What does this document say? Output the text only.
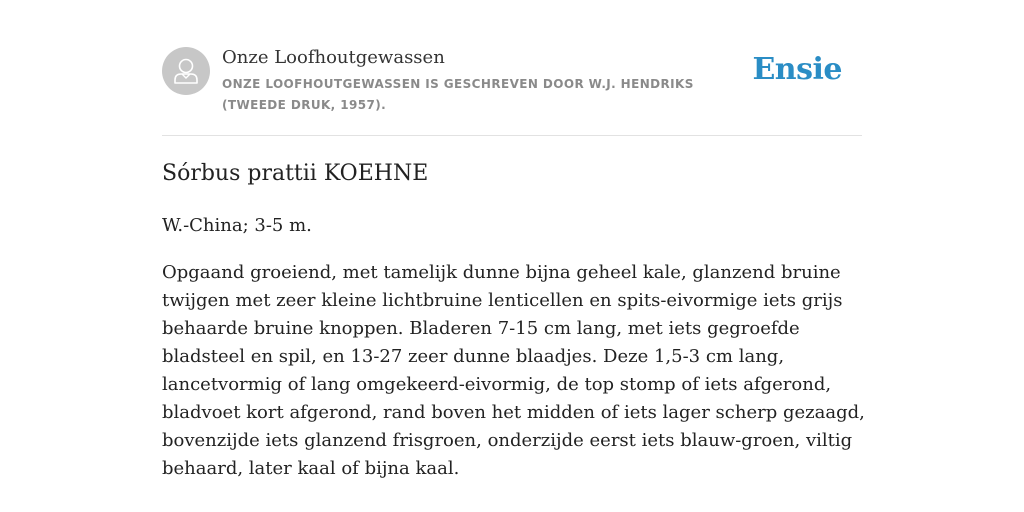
Onze Loofhoutgewassen
ONZE LOOFHOUTGEWASSEN IS GESCHREVEN DOOR W.J. HENDRIKS (TWEEDE DRUK, 1957).
Ensie
Sórbus prattii KOEHNE

W.-China; 3-5 m.

Opgaand groeiend, met tamelijk dunne bijna geheel kale, glanzend bruine twijgen met zeer kleine lichtbruine lenticellen en spits-eivormige iets grijs behaarde bruine knoppen. Bladeren 7-15 cm lang, met iets gegroefde bladsteel en spil, en 13-27 zeer dunne blaadjes. Deze 1,5-3 cm lang, lancetvormig of lang omgekeerd-eivormig, de top stomp of iets afgerond, bladvoet kort afgerond, rand boven het midden of iets lager scherp gezaagd, bovenzijde iets glanzend frisgroen, onderzijde eerst iets blauw-groen, viltig behaard, later kaal of bijna kaal.
